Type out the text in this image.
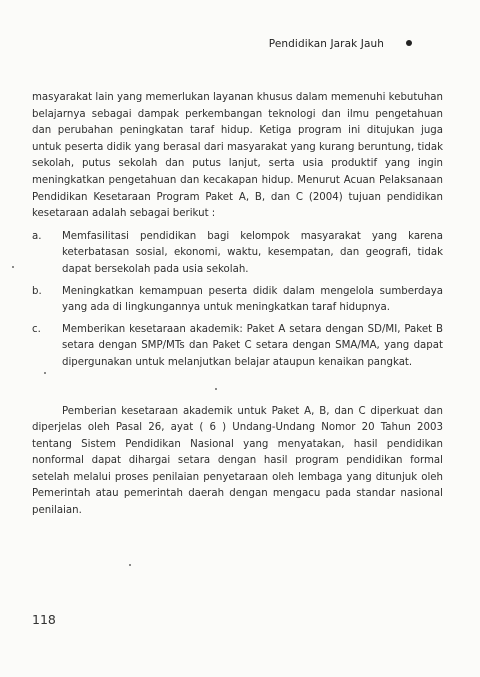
Pendidikan Jarak Jauh

masyarakat lain yang memerlukan layanan khusus dalam memenuhi kebutuhan belajarnya sebagai dampak perkembangan teknologi dan ilmu pengetahuan dan perubahan peningkatan taraf hidup. Ketiga program ini ditujukan juga untuk peserta didik yang berasal dari masyarakat yang kurang beruntung, tidak sekolah, putus sekolah dan putus lanjut, serta usia produktif yang ingin meningkatkan pengetahuan dan kecakapan hidup. Menurut Acuan Pelaksanaan Pendidikan Kesetaraan Program Paket A, B, dan C (2004) tujuan pendidikan kesetaraan adalah sebagai berikut :

a. Memfasilitasi pendidikan bagi kelompok masyarakat yang karena keterbatasan sosial, ekonomi, waktu, kesempatan, dan geografi, tidak dapat bersekolah pada usia sekolah.
b. Meningkatkan kemampuan peserta didik dalam mengelola sumberdaya yang ada di lingkungannya untuk meningkatkan taraf hidupnya.
c. Memberikan kesetaraan akademik: Paket A setara dengan SD/MI, Paket B setara dengan SMP/MTs dan Paket C setara dengan SMA/MA, yang dapat dipergunakan untuk melanjutkan belajar ataupun kenaikan pangkat.

Pemberian kesetaraan akademik untuk Paket A, B, dan C diperkuat dan diperjelas oleh Pasal 26, ayat ( 6 ) Undang-Undang Nomor 20 Tahun 2003 tentang Sistem Pendidikan Nasional yang menyatakan, hasil pendidikan nonformal dapat dihargai setara dengan hasil program pendidikan formal setelah melalui proses penilaian penyetaraan oleh lembaga yang ditunjuk oleh Pemerintah atau pemerintah daerah dengan mengacu pada standar nasional penilaian.

118
